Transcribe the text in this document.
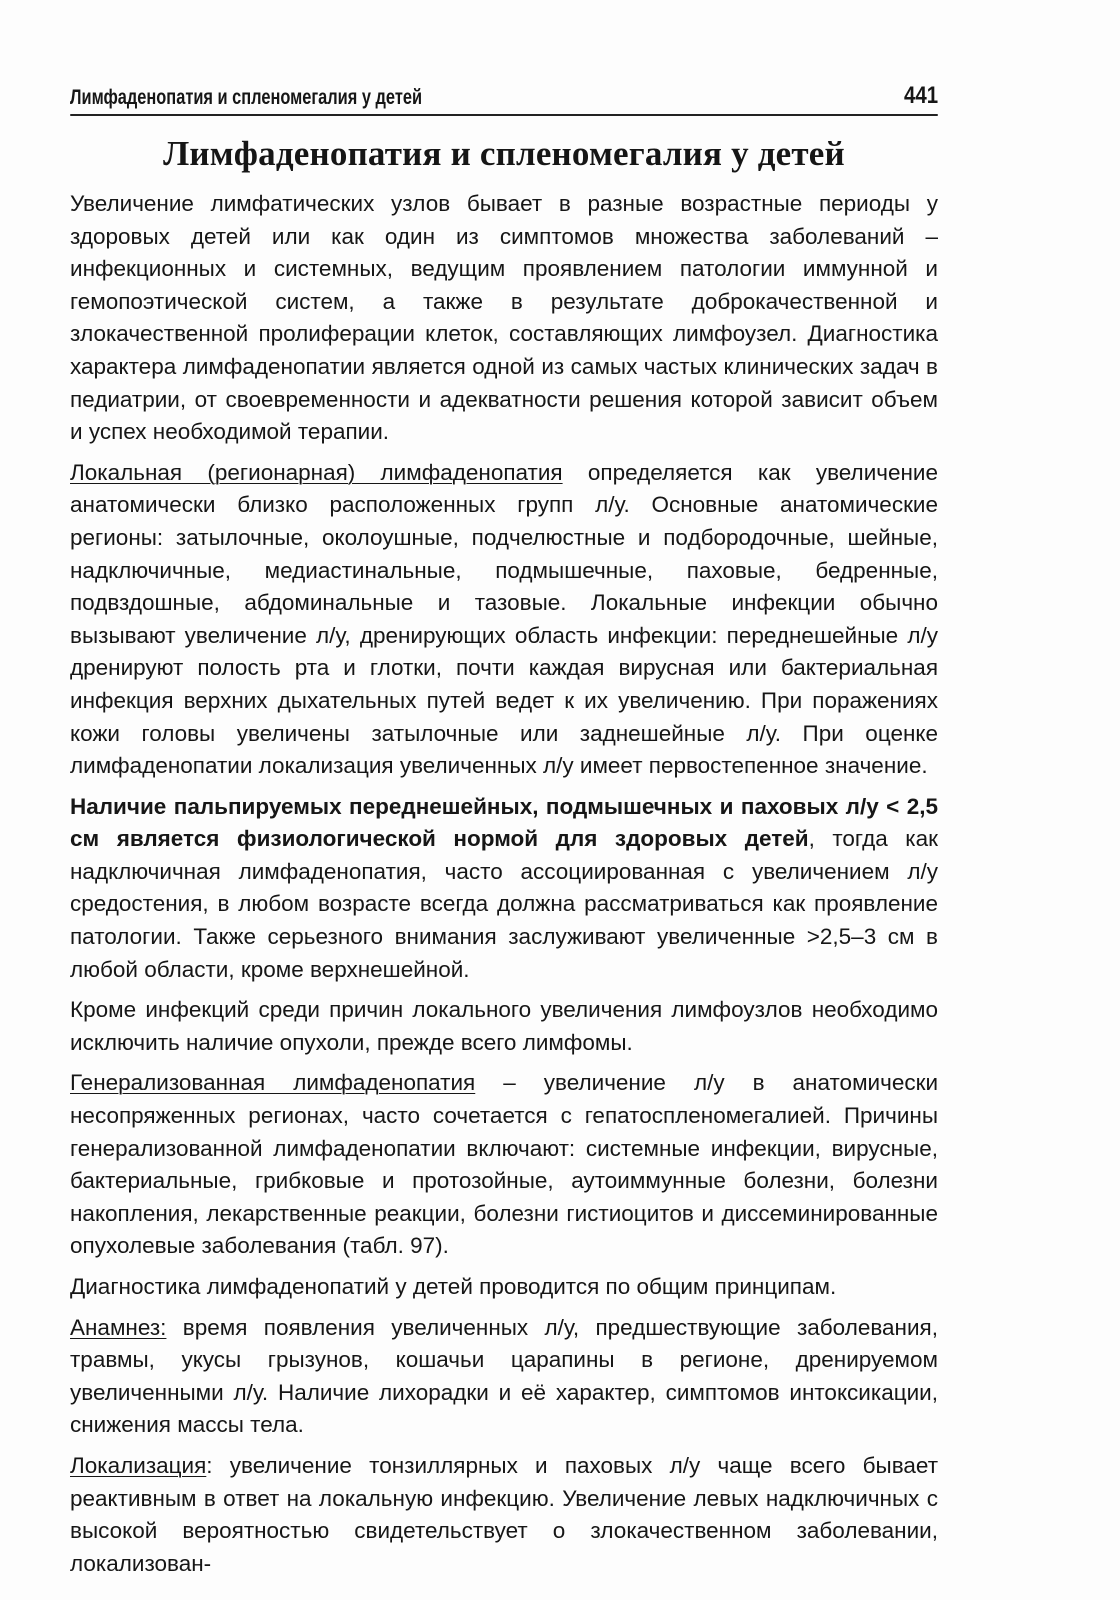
Лимфаденопатия и спленомегалия у детей	441
Лимфаденопатия и спленомегалия у детей

Увеличение лимфатических узлов бывает в разные возрастные периоды у здоровых детей или как один из симптомов множества заболеваний – инфекционных и системных, ведущим проявлением патологии иммунной и гемопоэтической систем, а также в результате доброкачественной и злокачественной пролиферации клеток, составляющих лимфоузел. Диагностика характера лимфаденопатии является одной из самых частых клинических задач в педиатрии, от своевременности и адекватности решения которой зависит объем и успех необходимой терапии.

Локальная (регионарная) лимфаденопатия определяется как увеличение анатомически близко расположенных групп л/у. Основные анатомические регионы: затылочные, околоушные, подчелюстные и подбородочные, шейные, надключичные, медиастинальные, подмышечные, паховые, бедренные, подвздошные, абдоминальные и тазовые. Локальные инфекции обычно вызывают увеличение л/у, дренирующих область инфекции: переднешейные л/у дренируют полость рта и глотки, почти каждая вирусная или бактериальная инфекция верхних дыхательных путей ведет к их увеличению. При поражениях кожи головы увеличены затылочные или заднешейные л/у. При оценке лимфаденопатии локализация увеличенных л/у имеет первостепенное значение.

Наличие пальпируемых переднешейных, подмышечных и паховых л/у < 2,5 см является физиологической нормой для здоровых детей, тогда как надключичная лимфаденопатия, часто ассоциированная с увеличением л/у средостения, в любом возрасте всегда должна рассматриваться как проявление патологии. Также серьезного внимания заслуживают увеличенные >2,5–3 см в любой области, кроме верхнешейной.

Кроме инфекций среди причин локального увеличения лимфоузлов необходимо исключить наличие опухоли, прежде всего лимфомы.

Генерализованная лимфаденопатия – увеличение л/у в анатомически несопряженных регионах, часто сочетается с гепатоспленомегалией. Причины генерализованной лимфаденопатии включают: системные инфекции, вирусные, бактериальные, грибковые и протозойные, аутоиммунные болезни, болезни накопления, лекарственные реакции, болезни гистиоцитов и диссеминированные опухолевые заболевания (табл. 97).

Диагностика лимфаденопатий у детей проводится по общим принципам.

Анамнез: время появления увеличенных л/у, предшествующие заболевания, травмы, укусы грызунов, кошачьи царапины в регионе, дренируемом увеличенными л/у. Наличие лихорадки и её характер, симптомов интоксикации, снижения массы тела.

Локализация: увеличение тонзиллярных и паховых л/у чаще всего бывает реактивным в ответ на локальную инфекцию. Увеличение левых надключичных с высокой вероятностью свидетельствует о злокачественном заболевании, локализован-
